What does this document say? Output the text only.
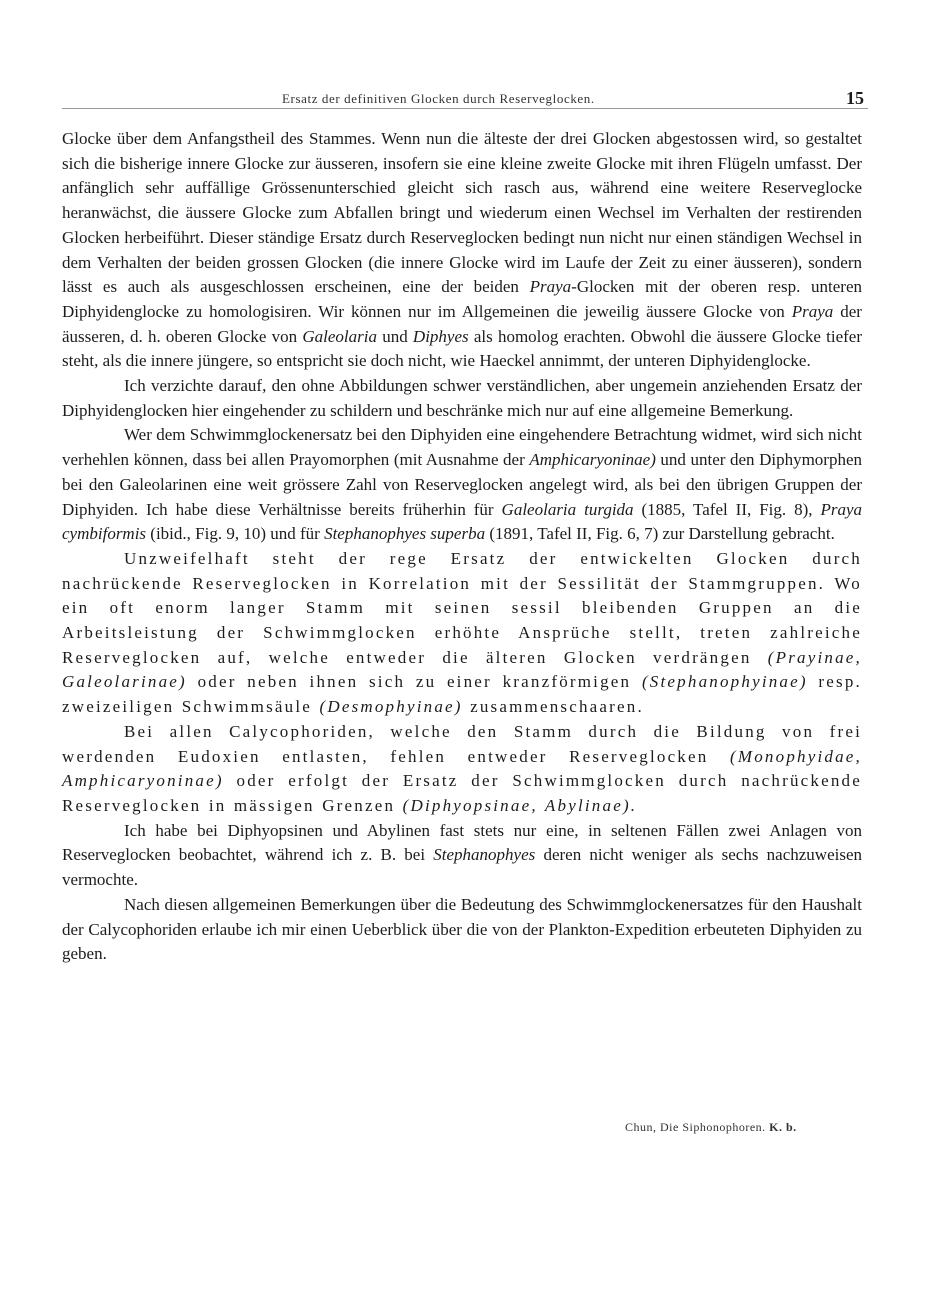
Ersatz der definitiven Glocken durch Reserveglocken.	15

Glocke über dem Anfangstheil des Stammes. Wenn nun die älteste der drei Glocken abgestossen wird, so gestaltet sich die bisherige innere Glocke zur äusseren, insofern sie eine kleine zweite Glocke mit ihren Flügeln umfasst. Der anfänglich sehr auffällige Grössenunterschied gleicht sich rasch aus, während eine weitere Reserveglocke heranwächst, die äussere Glocke zum Abfallen bringt und wiederum einen Wechsel im Verhalten der restirenden Glocken herbeiführt. Dieser ständige Ersatz durch Reserveglocken bedingt nun nicht nur einen ständigen Wechsel in dem Verhalten der beiden grossen Glocken (die innere Glocke wird im Laufe der Zeit zu einer äusseren), sondern lässt es auch als ausgeschlossen erscheinen, eine der beiden Praya-Glocken mit der oberen resp. unteren Diphyidenglocke zu homologisiren. Wir können nur im Allgemeinen die jeweilig äussere Glocke von Praya der äusseren, d. h. oberen Glocke von Galeolaria und Diphyes als homolog erachten. Obwohl die äussere Glocke tiefer steht, als die innere jüngere, so entspricht sie doch nicht, wie Haeckel annimmt, der unteren Diphyidenglocke.

Ich verzichte darauf, den ohne Abbildungen schwer verständlichen, aber ungemein anziehenden Ersatz der Diphyidenglocken hier eingehender zu schildern und beschränke mich nur auf eine allgemeine Bemerkung.

Wer dem Schwimmglockenersatz bei den Diphyiden eine eingehendere Betrachtung widmet, wird sich nicht verhehlen können, dass bei allen Prayomorphen (mit Ausnahme der Amphicaryoninae) und unter den Diphymorphen bei den Galeolarinen eine weit grössere Zahl von Reserveglocken angelegt wird, als bei den übrigen Gruppen der Diphyiden. Ich habe diese Verhältnisse bereits früherhin für Galeolaria turgida (1885, Tafel II, Fig. 8), Praya cymbiformis (ibid., Fig. 9, 10) und für Stephanophyes superba (1891, Tafel II, Fig. 6, 7) zur Darstellung gebracht.

Unzweifelhaft steht der rege Ersatz der entwickelten Glocken durch nachrückende Reserveglocken in Korrelation mit der Sessilität der Stammgruppen. Wo ein oft enorm langer Stamm mit seinen sessil bleibenden Gruppen an die Arbeitsleistung der Schwimmglocken erhöhte Ansprüche stellt, treten zahlreiche Reserveglocken auf, welche entweder die älteren Glocken verdrängen (Prayinae, Galeolarinae) oder neben ihnen sich zu einer kranzförmigen (Stephanophyinae) resp. zweizeiligen Schwimmsäule (Desmophyinae) zusammenschaaren.

Bei allen Calycophoriden, welche den Stamm durch die Bildung von frei werdenden Eudoxien entlasten, fehlen entweder Reserveglocken (Monophyidae, Amphicaryoninae) oder erfolgt der Ersatz der Schwimmglocken durch nachrückende Reserveglocken in mässigen Grenzen (Diphyopsinae, Abylinae).

Ich habe bei Diphyopsinen und Abylinen fast stets nur eine, in seltenen Fällen zwei Anlagen von Reserveglocken beobachtet, während ich z. B. bei Stephanophyes deren nicht weniger als sechs nachzuweisen vermochte.

Nach diesen allgemeinen Bemerkungen über die Bedeutung des Schwimmglockenersatzes für den Haushalt der Calycophoriden erlaube ich mir einen Ueberblick über die von der Plankton-Expedition erbeuteten Diphyiden zu geben.

Chun, Die Siphonophoren. K. b.
